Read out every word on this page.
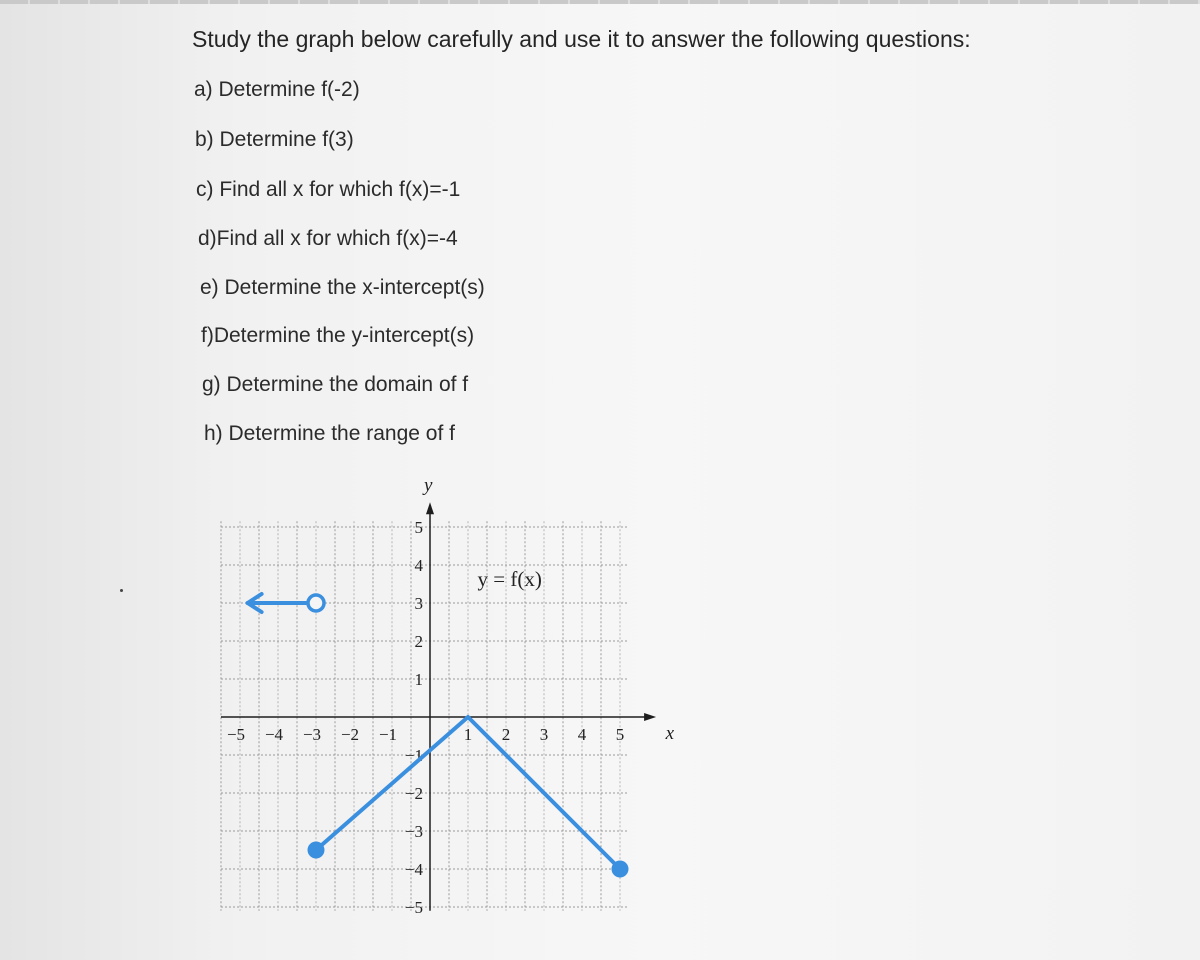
Study the graph below carefully and use it to answer the following questions:
a) Determine f(-2)
b) Determine f(3)
c) Find all x for which f(x)=-1
d)Find all x for which f(x)=-4
e) Determine the x-intercept(s)
f)Determine the y-intercept(s)
g) Determine the domain of f
h) Determine the range of f
−5 −4 −3 −2 −1	1 2 3 4 5
5
4
3
2
1
−1
−2
−3
−4
−5
x
y
y = f(x)
